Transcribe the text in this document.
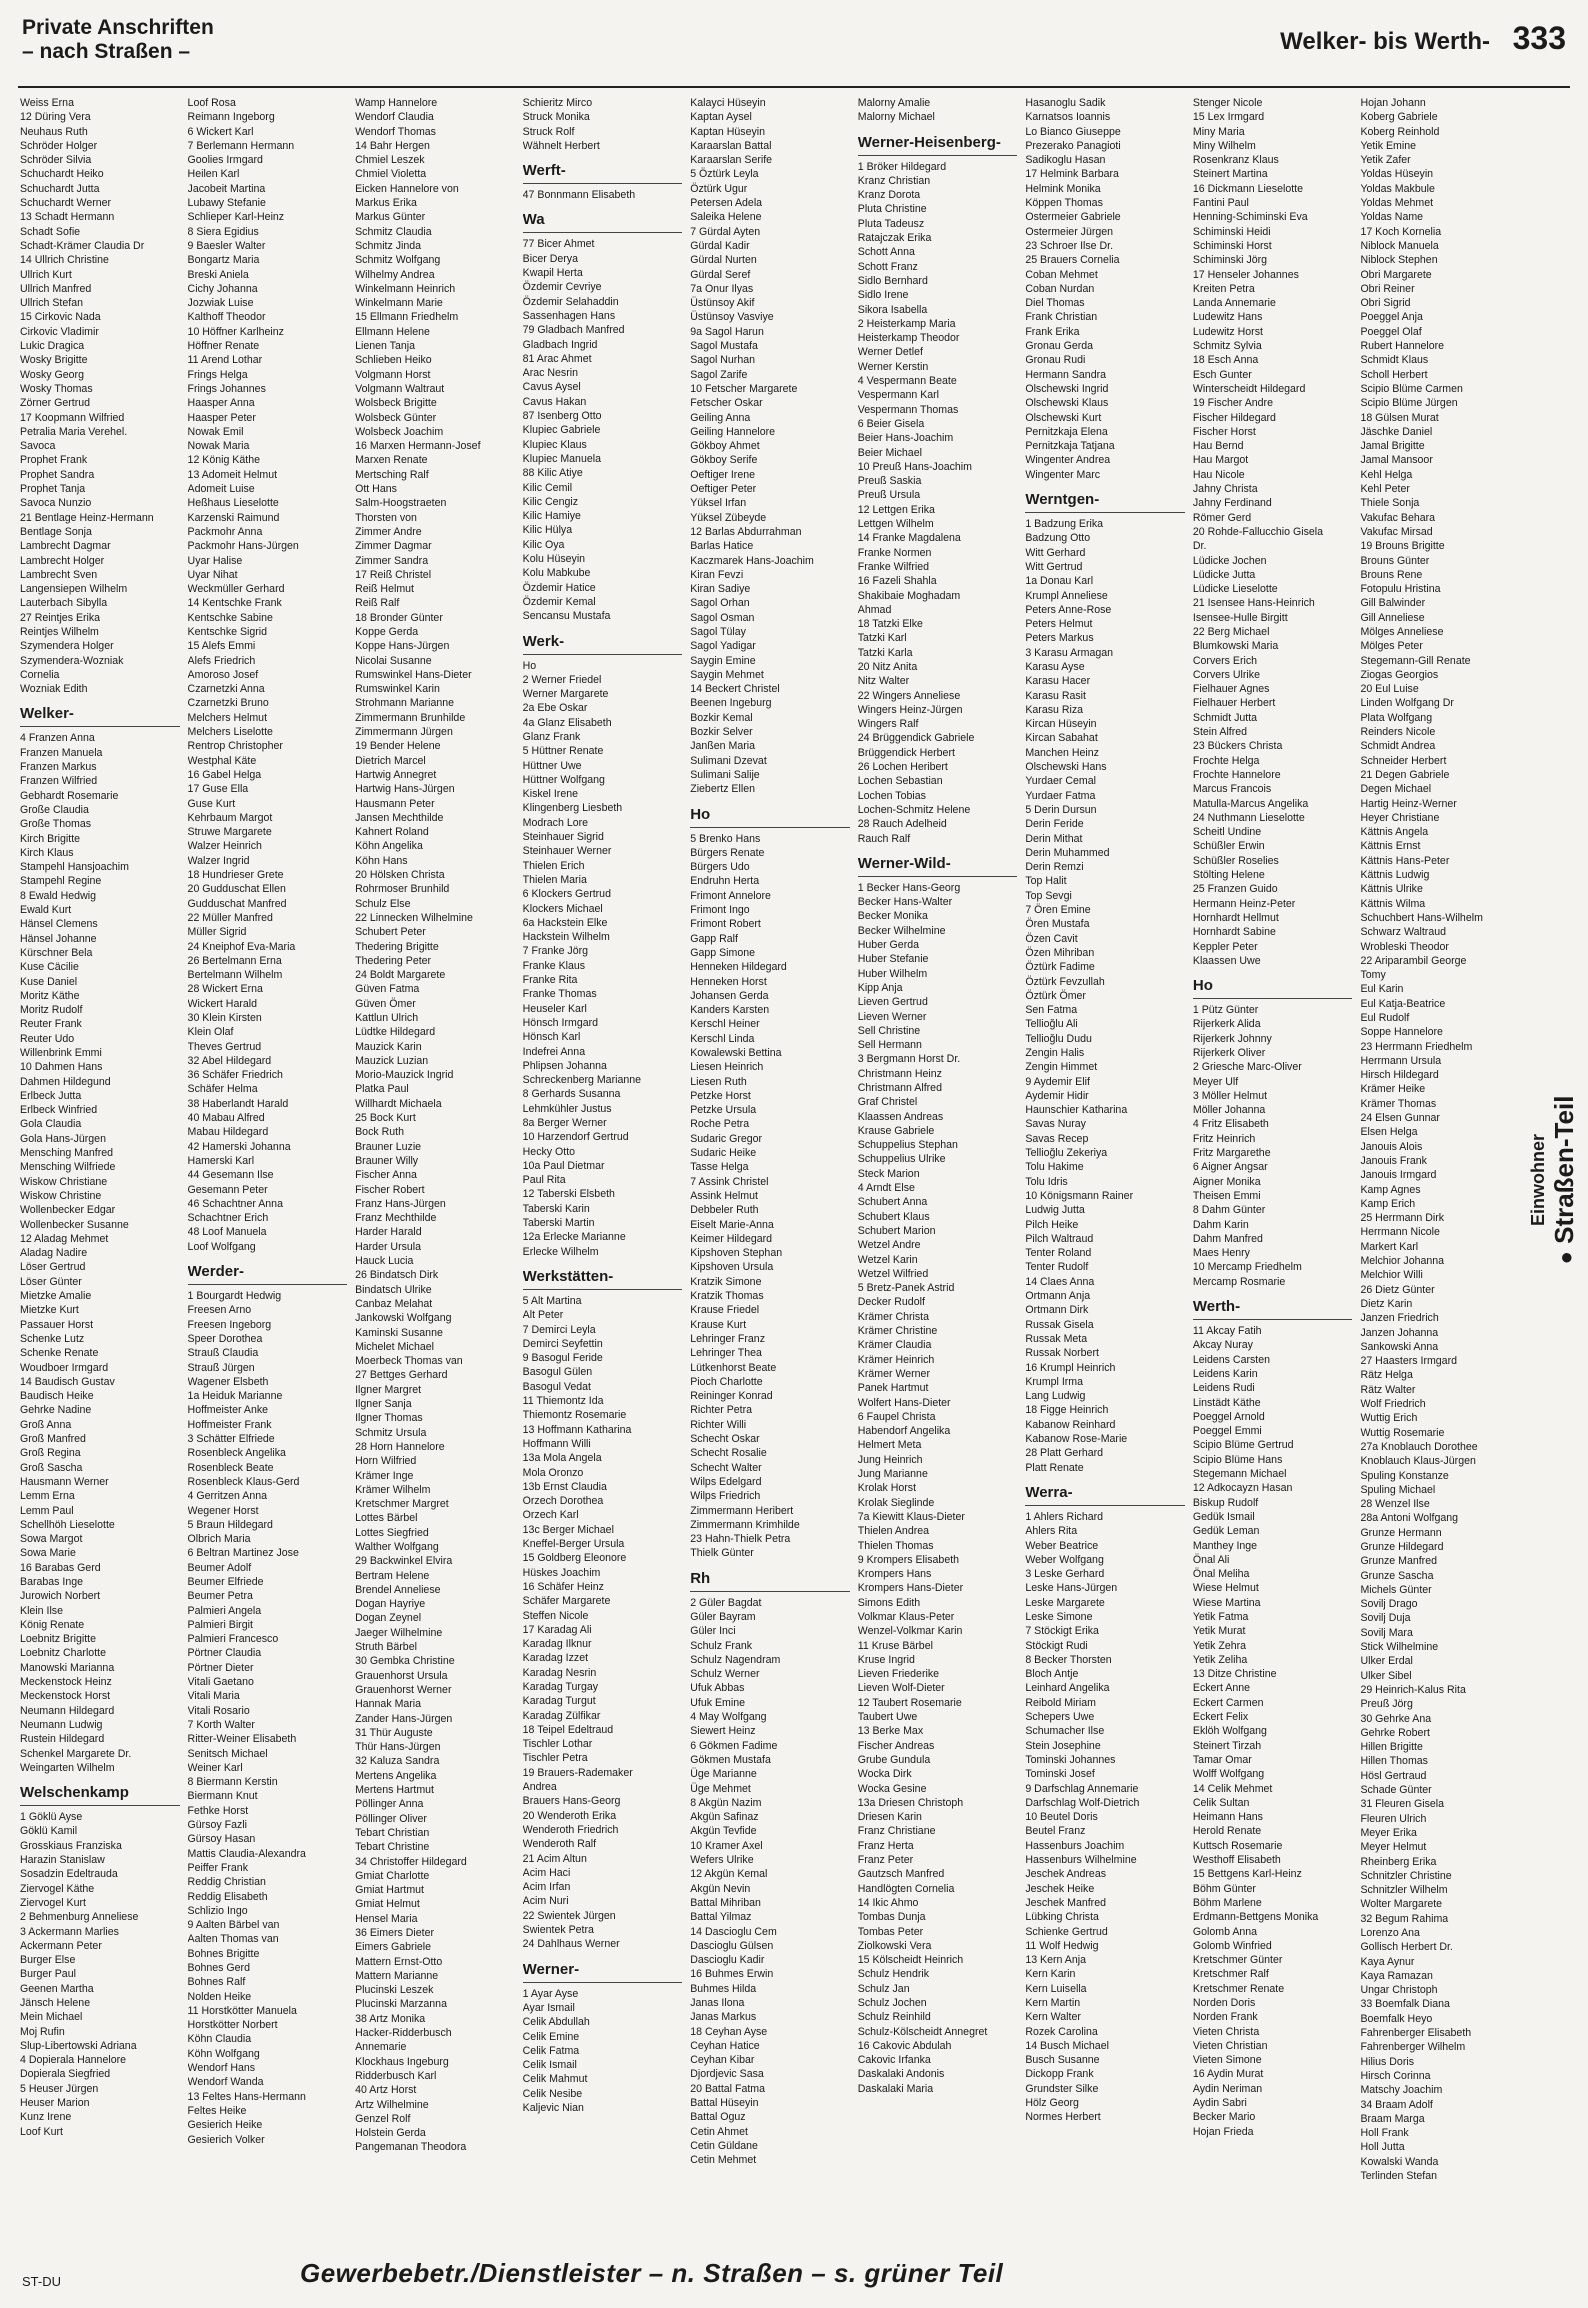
Private Anschriften
– nach Straßen –	Welker- bis Werth- 333
Weiss Erna
12 Düring Vera
Neuhaus Ruth
Schröder Holger
Schröder Silvia
Schuchardt Heiko
Schuchardt Jutta
Schuchardt Werner
13 Schadt Hermann
Schadt Sofie
Schadt-Krämer Claudia Dr
14 Ullrich Christine
Ullrich Kurt
Ullrich Manfred
Ullrich Stefan
15 Cirkovic Nada
Cirkovic Vladimir
Lukic Dragica
Wosky Brigitte
Wosky Georg
Wosky Thomas
Zörner Gertrud
17 Koopmann Wilfried
Petralia Maria Verehel.
Savoca
Prophet Frank
Prophet Sandra
Prophet Tanja
Savoca Nunzio
21 Bentlage Heinz-Hermann
Bentlage Sonja
Lambrecht Dagmar
Lambrecht Holger
Lambrecht Sven
Langensiepen Wilhelm
Lauterbach Sibylla
27 Reintjes Erika
Reintjes Wilhelm
Szymendera Holger
Szymendera-Wozniak
Cornelia
Wozniak Edith
Welker-
4 Franzen Anna
Franzen Manuela
Franzen Markus
Franzen Wilfried
Gebhardt Rosemarie
Große Claudia
Große Thomas
Kirch Brigitte
Kirch Klaus
Stampehl Hansjoachim
Stampehl Regine
8 Ewald Hedwig
Ewald Kurt
Hänsel Clemens
Hänsel Johanne
Kürschner Bela
Kuse Cäcilie
Kuse Daniel
Moritz Käthe
Moritz Rudolf
Reuter Frank
Reuter Udo
Willenbrink Emmi
10 Dahmen Hans
Dahmen Hildegund
Erlbeck Jutta
Erlbeck Winfried
Gola Claudia
Gola Hans-Jürgen
Mensching Manfred
Mensching Wilfriede
Wiskow Christiane
Wiskow Christine
Wollenbecker Edgar
Wollenbecker Susanne
12 Aladag Mehmet
Aladag Nadire
Löser Gertrud
Löser Günter
Mietzke Amalie
Mietzke Kurt
Passauer Horst
Schenke Lutz
Schenke Renate
Woudboer Irmgard
14 Baudisch Gustav
Baudisch Heike
Gehrke Nadine
Groß Anna
Groß Manfred
Groß Regina
Groß Sascha
Hausmann Werner
Lemm Erna
Lemm Paul
Schellhöh Lieselotte
Sowa Margot
Sowa Marie
16 Barabas Gerd
Barabas Inge
Jurowich Norbert
Klein Ilse
König Renate
Loebnitz Brigitte
Loebnitz Charlotte
Manowski Marianna
Meckenstock Heinz
Meckenstock Horst
Neumann Hildegard
Neumann Ludwig
Rustein Hildegard
Schenkel Margarete Dr.
Weingarten Wilhelm
Welschenkamp
1 Göklü Ayse
Göklü Kamil
Grosskiaus Franziska
Harazin Stanislaw
Sosadzin Edeltrauda
Ziervogel Käthe
Ziervogel Kurt
2 Behmenburg Anneliese
3 Ackermann Marlies
Ackermann Peter
Burger Else
Burger Paul
Geenen Martha
Jänsch Helene
Mein Michael
Moj Rufin
Slup-Libertowski Adriana
4 Dopierala Hannelore
Dopierala Siegfried
5 Heuser Jürgen
Heuser Marion
Kunz Irene
Loof Kurt
Loof Rosa
Reimann Ingeborg
6 Wickert Karl
7 Berlemann Hermann
Goolies Irmgard
Heilen Karl
Jacobeit Martina
Lubawy Stefanie
Schlieper Karl-Heinz
8 Siera Egidius
9 Baesler Walter
Bongartz Maria
Breski Aniela
Cichy Johanna
Jozwiak Luise
Kalthoff Theodor
10 Höffner Karlheinz
Höffner Renate
11 Arend Lothar
Frings Helga
Frings Johannes
Haasper Anna
Haasper Peter
Nowak Emil
Nowak Maria
12 König Käthe
13 Adomeit Helmut
Adomeit Luise
Heßhaus Lieselotte
Karzenski Raimund
Packmohr Anna
Packmohr Hans-Jürgen
Uyar Halise
Uyar Nihat
Weckmüller Gerhard
14 Kentschke Frank
Kentschke Sabine
Kentschke Sigrid
15 Alefs Emmi
Alefs Friedrich
Amoroso Josef
Czarnetzki Anna
Czarnetzki Bruno
Melchers Helmut
Melchers Liselotte
Rentrop Christopher
Westphal Käte
16 Gabel Helga
17 Guse Ella
Guse Kurt
Kehrbaum Margot
Struwe Margarete
Walzer Heinrich
Walzer Ingrid
18 Hundrieser Grete
20 Gudduschat Ellen
Gudduschat Manfred
22 Müller Manfred
Müller Sigrid
24 Kneiphof Eva-Maria
26 Bertelmann Erna
Bertelmann Wilhelm
28 Wickert Erna
Wickert Harald
30 Klein Kirsten
Klein Olaf
Theves Gertrud
32 Abel Hildegard
36 Schäfer Friedrich
Schäfer Helma
38 Haberlandt Harald
40 Mabau Alfred
Mabau Hildegard
42 Hamerski Johanna
Hamerski Karl
44 Gesemann Ilse
Gesemann Peter
46 Schachtner Anna
Schachtner Erich
48 Loof Manuela
Loof Wolfgang
Werder-
1 Bourgardt Hedwig
Freesen Arno
Freesen Ingeborg
Speer Dorothea
Strauß Claudia
Strauß Jürgen
Wagener Elsbeth
1a Heiduk Marianne
Hoffmeister Anke
Hoffmeister Frank
3 Schätter Elfriede
Rosenbleck Angelika
Rosenbleck Beate
Rosenbleck Klaus-Gerd
4 Gerritzen Anna
Wegener Horst
5 Braun Hildegard
Olbrich Maria
6 Beltran Martinez Jose
Beumer Adolf
Beumer Elfriede
Beumer Petra
Palmieri Angela
Palmieri Birgit
Palmieri Francesco
Pörtner Claudia
Pörtner Dieter
Vitali Gaetano
Vitali Maria
Vitali Rosario
7 Korth Walter
Ritter-Weiner Elisabeth
Senitsch Michael
Weiner Karl
8 Biermann Kerstin
Biermann Knut
Fethke Horst
Gürsoy Fazli
Gürsoy Hasan
Mattis Claudia-Alexandra
Peiffer Frank
Reddig Christian
Reddig Elisabeth
Schlizio Ingo
9 Aalten Bärbel van
Aalten Thomas van
Bohnes Brigitte
Bohnes Gerd
Bohnes Ralf
Nolden Heike
11 Horstkötter Manuela
Horstkötter Norbert
Köhn Claudia
Köhn Wolfgang
Wendorf Hans
Wendorf Wanda
13 Feltes Hans-Hermann
Feltes Heike
Gesierich Heike
Gesierich Volker
Wamp Hannelore
Wendorf Claudia
Wendorf Thomas
14 Bahr Hergen
Chmiel Leszek
Chmiel Violetta
Eicken Hannelore von
Markus Erika
Markus Günter
Schmitz Claudia
Schmitz Jinda
Schmitz Wolfgang
Wilhelmy Andrea
Winkelmann Heinrich
Winkelmann Marie
15 Ellmann Friedhelm
Ellmann Helene
Lienen Tanja
Schlieben Heiko
Volgmann Horst
Volgmann Waltraut
Wolsbeck Brigitte
Wolsbeck Günter
Wolsbeck Joachim
16 Marxen Hermann-Josef
Marxen Renate
Mertsching Ralf
Ott Hans
Salm-Hoogstraeten
Thorsten von
Zimmer Andre
Zimmer Dagmar
Zimmer Sandra
17 Reiß Christel
Reiß Helmut
Reiß Ralf
18 Bronder Günter
Koppe Gerda
Koppe Hans-Jürgen
Nicolai Susanne
Rumswinkel Hans-Dieter
Rumswinkel Karin
Strohmann Marianne
Zimmermann Brunhilde
Zimmermann Jürgen
19 Bender Helene
Dietrich Marcel
Hartwig Annegret
Hartwig Hans-Jürgen
Hausmann Peter
Jansen Mechthilde
Kahnert Roland
Köhn Angelika
Köhn Hans
20 Hölsken Christa
Rohrmoser Brunhild
Schulz Else
22 Linnecken Wilhelmine
Schubert Peter
Thedering Brigitte
Thedering Peter
24 Boldt Margarete
Güven Fatma
Güven Ömer
Kattlun Ulrich
Lüdtke Hildegard
Mauzick Karin
Mauzick Luzian
Morio-Mauzick Ingrid
Platka Paul
Willhardt Michaela
25 Bock Kurt
Bock Ruth
Brauner Luzie
Brauner Willy
Fischer Anna
Fischer Robert
Franz Hans-Jürgen
Franz Mechthilde
Harder Harald
Harder Ursula
Hauck Lucia
26 Bindatsch Dirk
Bindatsch Ulrike
Canbaz Melahat
Jankowski Wolfgang
Kaminski Susanne
Michelet Michael
Moerbeck Thomas van
27 Bettges Gerhard
Ilgner Margret
Ilgner Sanja
Ilgner Thomas
Schmitz Ursula
28 Horn Hannelore
Horn Wilfried
Krämer Inge
Krämer Wilhelm
Kretschmer Margret
Lottes Bärbel
Lottes Siegfried
Walther Wolfgang
29 Backwinkel Elvira
Bertram Helene
Brendel Anneliese
Dogan Hayriye
Dogan Zeynel
Jaeger Wilhelmine
Struth Bärbel
30 Gembka Christine
Grauenhorst Ursula
Grauenhorst Werner
Hannak Maria
Zander Hans-Jürgen
31 Thür Auguste
Thür Hans-Jürgen
32 Kaluza Sandra
Mertens Angelika
Mertens Hartmut
Pöllinger Anna
Pöllinger Oliver
Tebart Christian
Tebart Christine
34 Christoffer Hildegard
Gmiat Charlotte
Gmiat Hartmut
Gmiat Helmut
Hensel Maria
36 Eimers Dieter
Eimers Gabriele
Mattern Ernst-Otto
Mattern Marianne
Plucinski Leszek
Plucinski Marzanna
38 Artz Monika
Hacker-Ridderbusch
Annemarie
Klockhaus Ingeburg
Ridderbusch Karl
40 Artz Horst
Artz Wilhelmine
Genzel Rolf
Holstein Gerda
Pangemanan Theodora
Schieritz Mirco
Struck Monika
Struck Rolf
Wähnelt Herbert
Werft-
47 Bonnmann Elisabeth
Wa
77 Bicer Ahmet
Bicer Derya
Kwapil Herta
Özdemir Cevriye
Özdemir Selahaddin
Sassenhagen Hans
79 Gladbach Manfred
Gladbach Ingrid
81 Arac Ahmet
Arac Nesrin
Cavus Aysel
Cavus Hakan
87 Isenberg Otto
Klupiec Gabriele
Klupiec Klaus
Klupiec Manuela
88 Kilic Atiye
Kilic Cemil
Kilic Cengiz
Kilic Hamiye
Kilic Hülya
Kilic Oya
Kolu Hüseyin
Kolu Mabkube
Özdemir Hatice
Özdemir Kemal
Sencansu Mustafa
Werk-
Ho
2 Werner Friedel
Werner Margarete
2a Ebe Oskar
4a Glanz Elisabeth
Glanz Frank
5 Hüttner Renate
Hüttner Uwe
Hüttner Wolfgang
Kiskel Irene
Klingenberg Liesbeth
Modrach Lore
Steinhauer Sigrid
Steinhauer Werner
Thielen Erich
Thielen Maria
6 Klockers Gertrud
Klockers Michael
6a Hackstein Elke
Hackstein Wilhelm
7 Franke Jörg
Franke Klaus
Franke Rita
Franke Thomas
Heuseler Karl
Hönsch Irmgard
Hönsch Karl
Indefrei Anna
Phlipsen Johanna
Schreckenberg Marianne
8 Gerhards Susanna
Lehmkühler Justus
8a Berger Werner
10 Harzendorf Gertrud
Hecky Otto
10a Paul Dietmar
Paul Rita
12 Taberski Elsbeth
Taberski Karin
Taberski Martin
12a Erlecke Marianne
Erlecke Wilhelm
Werkstätten-
5 Alt Martina
Alt Peter
7 Demirci Leyla
Demirci Seyfettin
9 Basogul Feride
Basogul Gülen
Basogul Vedat
11 Thiemontz Ida
Thiemontz Rosemarie
13 Hoffmann Katharina
Hoffmann Willi
13a Mola Angela
Mola Oronzo
13b Ernst Claudia
Orzech Dorothea
Orzech Karl
13c Berger Michael
Kneffel-Berger Ursula
15 Goldberg Eleonore
Hüskes Joachim
16 Schäfer Heinz
Schäfer Margarete
Steffen Nicole
17 Karadag Ali
Karadag Ilknur
Karadag Izzet
Karadag Nesrin
Karadag Turgay
Karadag Turgut
Karadag Zülfikar
18 Teipel Edeltraud
Tischler Lothar
Tischler Petra
19 Brauers-Rademaker
Andrea
Brauers Hans-Georg
20 Wenderoth Erika
Wenderoth Friedrich
Wenderoth Ralf
21 Acim Altun
Acim Haci
Acim Irfan
Acim Nuri
22 Swientek Jürgen
Swientek Petra
24 Dahlhaus Werner
Werner-
1 Ayar Ayse
Ayar Ismail
Celik Abdullah
Celik Emine
Celik Fatma
Celik Ismail
Celik Mahmut
Celik Nesibe
Kaljevic Nian
Kalayci Hüseyin
Kaptan Aysel
Kaptan Hüseyin
Karaarslan Battal
Karaarslan Serife
5 Öztürk Leyla
Öztürk Ugur
Petersen Adela
Saleika Helene
7 Gürdal Ayten
Gürdal Kadir
Gürdal Nurten
Gürdal Seref
7a Onur Ilyas
Üstünsoy Akif
Üstünsoy Vasviye
9a Sagol Harun
Sagol Mustafa
Sagol Nurhan
Sagol Zarife
10 Fetscher Margarete
Fetscher Oskar
Geiling Anna
Geiling Hannelore
Gökboy Ahmet
Gökboy Serife
Oeftiger Irene
Oeftiger Peter
Yüksel Irfan
Yüksel Zübeyde
12 Barlas Abdurrahman
Barlas Hatice
Kaczmarek Hans-Joachim
Kiran Fevzi
Kiran Sadiye
Sagol Orhan
Sagol Osman
Sagol Tülay
Sagol Yadigar
Saygin Emine
Saygin Mehmet
14 Beckert Christel
Beenen Ingeburg
Bozkir Kemal
Bozkir Selver
Janßen Maria
Sulimani Dzevat
Sulimani Salije
Ziebertz Ellen
Ho
5 Brenko Hans
Bürgers Renate
Bürgers Udo
Endruhn Herta
Frimont Annelore
Frimont Ingo
Frimont Robert
Gapp Ralf
Gapp Simone
Henneken Hildegard
Henneken Horst
Johansen Gerda
Kanders Karsten
Kerschl Heiner
Kerschl Linda
Kowalewski Bettina
Liesen Heinrich
Liesen Ruth
Petzke Horst
Petzke Ursula
Roche Petra
Sudaric Gregor
Sudaric Heike
Tasse Helga
7 Assink Christel
Assink Helmut
Debbeler Ruth
Eiselt Marie-Anna
Keimer Hildegard
Kipshoven Stephan
Kipshoven Ursula
Kratzik Simone
Kratzik Thomas
Krause Friedel
Krause Kurt
Lehringer Franz
Lehringer Thea
Lütkenhorst Beate
Pioch Charlotte
Reininger Konrad
Richter Petra
Richter Willi
Schecht Oskar
Schecht Rosalie
Schecht Walter
Wilps Edelgard
Wilps Friedrich
Zimmermann Heribert
Zimmermann Krimhilde
23 Hahn-Thielk Petra
Thielk Günter
Rh
2 Güler Bagdat
Güler Bayram
Güler Inci
Schulz Frank
Schulz Nagendram
Schulz Werner
Ufuk Abbas
Ufuk Emine
4 May Wolfgang
Siewert Heinz
6 Gökmen Fadime
Gökmen Mustafa
Üge Marianne
Üge Mehmet
8 Akgün Nazim
Akgün Safinaz
Akgün Tevfide
10 Kramer Axel
Wefers Ulrike
12 Akgün Kemal
Akgün Nevin
Battal Mihriban
Battal Yilmaz
14 Dascioglu Cem
Dascioglu Gülsen
Dascioglu Kadir
16 Buhmes Erwin
Buhmes Hilda
Janas Ilona
Janas Markus
18 Ceyhan Ayse
Ceyhan Hatice
Ceyhan Kibar
Djordjevic Sasa
20 Battal Fatma
Battal Hüseyin
Battal Oguz
Cetin Ahmet
Cetin Güldane
Cetin Mehmet
Malorny Amalie
Malorny Michael
Werner-Heisenberg-
1 Bröker Hildegard
Kranz Christian
Kranz Dorota
Pluta Christine
Pluta Tadeusz
Ratajczak Erika
Schott Anna
Schott Franz
Sidlo Bernhard
Sidlo Irene
Sikora Isabella
2 Heisterkamp Maria
Heisterkamp Theodor
Werner Detlef
Werner Kerstin
4 Vespermann Beate
Vespermann Karl
Vespermann Thomas
6 Beier Gisela
Beier Hans-Joachim
Beier Michael
10 Preuß Hans-Joachim
Preuß Saskia
Preuß Ursula
12 Lettgen Erika
Lettgen Wilhelm
14 Franke Magdalena
Franke Normen
Franke Wilfried
16 Fazeli Shahla
Shakibaie Moghadam
Ahmad
18 Tatzki Elke
Tatzki Karl
Tatzki Karla
20 Nitz Anita
Nitz Walter
22 Wingers Anneliese
Wingers Heinz-Jürgen
Wingers Ralf
24 Brüggendick Gabriele
Brüggendick Herbert
26 Lochen Heribert
Lochen Sebastian
Lochen Tobias
Lochen-Schmitz Helene
28 Rauch Adelheid
Rauch Ralf
Werner-Wild-
1 Becker Hans-Georg
Becker Hans-Walter
Becker Monika
Becker Wilhelmine
Huber Gerda
Huber Stefanie
Huber Wilhelm
Kipp Anja
Lieven Gertrud
Lieven Werner
Sell Christine
Sell Hermann
3 Bergmann Horst Dr.
Christmann Heinz
Christmann Alfred
Graf Christel
Klaassen Andreas
Krause Gabriele
Schuppelius Stephan
Schuppelius Ulrike
Steck Marion
4 Arndt Else
Schubert Anna
Schubert Klaus
Schubert Marion
Wetzel Andre
Wetzel Karin
Wetzel Wilfried
5 Bretz-Panek Astrid
Decker Rudolf
Krämer Christa
Krämer Christine
Krämer Claudia
Krämer Heinrich
Krämer Werner
Panek Hartmut
Wolfert Hans-Dieter
6 Faupel Christa
Habendorf Angelika
Helmert Meta
Jung Heinrich
Jung Marianne
Krolak Horst
Krolak Sieglinde
7a Kiewitt Klaus-Dieter
Thielen Andrea
Thielen Thomas
9 Krompers Elisabeth
Krompers Hans
Krompers Hans-Dieter
Simons Edith
Volkmar Klaus-Peter
Wenzel-Volkmar Karin
11 Kruse Bärbel
Kruse Ingrid
Lieven Friederike
Lieven Wolf-Dieter
12 Taubert Rosemarie
Taubert Uwe
13 Berke Max
Fischer Andreas
Grube Gundula
Wocka Dirk
Wocka Gesine
13a Driesen Christoph
Driesen Karin
Franz Christiane
Franz Herta
Franz Peter
Gautzsch Manfred
Handlögten Cornelia
14 Ikic Ahmo
Tombas Dunja
Tombas Peter
Ziolkowski Vera
15 Kölscheidt Heinrich
Schulz Hendrik
Schulz Jan
Schulz Jochen
Schulz Reinhild
Schulz-Kölscheidt Annegret
16 Cakovic Abdulah
Cakovic Irfanka
Daskalaki Andonis
Daskalaki Maria
Hasanoglu Sadik
Karnatsos Ioannis
Lo Bianco Giuseppe
Prezerako Panagioti
Sadikoglu Hasan
17 Helmink Barbara
Helmink Monika
Köppen Thomas
Ostermeier Gabriele
Ostermeier Jürgen
23 Schroer Ilse Dr.
25 Brauers Cornelia
Coban Mehmet
Coban Nurdan
Diel Thomas
Frank Christian
Frank Erika
Gronau Gerda
Gronau Rudi
Hermann Sandra
Olschewski Ingrid
Olschewski Klaus
Olschewski Kurt
Pernitzkaja Elena
Pernitzkaja Tatjana
Wingenter Andrea
Wingenter Marc
Werntgen-
1 Badzung Erika
Badzung Otto
Witt Gerhard
Witt Gertrud
1a Donau Karl
Krumpl Anneliese
Peters Anne-Rose
Peters Helmut
Peters Markus
3 Karasu Armagan
Karasu Ayse
Karasu Hacer
Karasu Rasit
Karasu Riza
Kircan Hüseyin
Kircan Sabahat
Manchen Heinz
Olschewski Hans
Yurdaer Cemal
Yurdaer Fatma
5 Derin Dursun
Derin Feride
Derin Mithat
Derin Muhammed
Derin Remzi
Top Halit
Top Sevgi
7 Ören Emine
Ören Mustafa
Özen Cavit
Özen Mihriban
Öztürk Fadime
Öztürk Fevzullah
Öztürk Ömer
Sen Fatma
Tellioğlu Ali
Tellioğlu Dudu
Zengin Halis
Zengin Himmet
9 Aydemir Elif
Aydemir Hidir
Haunschier Katharina
Savas Nuray
Savas Recep
Tellioğlu Zekeriya
Tolu Hakime
Tolu Idris
10 Königsmann Rainer
Ludwig Jutta
Pilch Heike
Pilch Waltraud
Tenter Roland
Tenter Rudolf
14 Claes Anna
Ortmann Anja
Ortmann Dirk
Russak Gisela
Russak Meta
Russak Norbert
16 Krumpl Heinrich
Krumpl Irma
Lang Ludwig
18 Figge Heinrich
Kabanow Reinhard
Kabanow Rose-Marie
28 Platt Gerhard
Platt Renate
Werra-
1 Ahlers Richard
Ahlers Rita
Weber Beatrice
Weber Wolfgang
3 Leske Gerhard
Leske Hans-Jürgen
Leske Margarete
Leske Simone
7 Stöckigt Erika
Stöckigt Rudi
8 Becker Thorsten
Bloch Antje
Leinhard Angelika
Reibold Miriam
Schepers Uwe
Schumacher Ilse
Stein Josephine
Tominski Johannes
Tominski Josef
9 Darfschlag Annemarie
Darfschlag Wolf-Dietrich
10 Beutel Doris
Beutel Franz
Hassenburs Joachim
Hassenburs Wilhelmine
Jeschek Andreas
Jeschek Heike
Jeschek Manfred
Lübking Christa
Schienke Gertrud
11 Wolf Hedwig
13 Kern Anja
Kern Karin
Kern Luisella
Kern Martin
Kern Walter
Rozek Carolina
14 Busch Michael
Busch Susanne
Dickopp Frank
Grundster Silke
Hölz Georg
Normes Herbert
Stenger Nicole
15 Lex Irmgard
Miny Maria
Miny Wilhelm
Rosenkranz Klaus
Steinert Martina
16 Dickmann Lieselotte
Fantini Paul
Henning-Schiminski Eva
Schiminski Heidi
Schiminski Horst
Schiminski Jörg
17 Henseler Johannes
Kreiten Petra
Landa Annemarie
Ludewitz Hans
Ludewitz Horst
Schmitz Sylvia
18 Esch Anna
Esch Gunter
Winterscheidt Hildegard
19 Fischer Andre
Fischer Hildegard
Fischer Horst
Hau Bernd
Hau Margot
Hau Nicole
Jahny Christa
Jahny Ferdinand
Römer Gerd
20 Rohde-Fallucchio Gisela
Dr.
Lüdicke Jochen
Lüdicke Jutta
Lüdicke Lieselotte
21 Isensee Hans-Heinrich
Isensee-Hulle Birgitt
22 Berg Michael
Blumkowski Maria
Corvers Erich
Corvers Ulrike
Fielhauer Agnes
Fielhauer Herbert
Schmidt Jutta
Stein Alfred
23 Bückers Christa
Frochte Helga
Frochte Hannelore
Marcus Francois
Matulla-Marcus Angelika
24 Nuthmann Lieselotte
Scheitl Undine
Schüßler Erwin
Schüßler Roselies
Stölting Helene
25 Franzen Guido
Hermann Heinz-Peter
Hornhardt Hellmut
Hornhardt Sabine
Keppler Peter
Klaassen Uwe
Ho
1 Pütz Günter
Rijerkerk Alida
Rijerkerk Johnny
Rijerkerk Oliver
2 Griesche Marc-Oliver
Meyer Ulf
3 Möller Helmut
Möller Johanna
4 Fritz Elisabeth
Fritz Heinrich
Fritz Margarethe
6 Aigner Angsar
Aigner Monika
Theisen Emmi
8 Dahm Günter
Dahm Karin
Dahm Manfred
Maes Henry
10 Mercamp Friedhelm
Mercamp Rosmarie
Werth-
11 Akcay Fatih
Akcay Nuray
Leidens Carsten
Leidens Karin
Leidens Rudi
Linstädt Käthe
Poeggel Arnold
Poeggel Emmi
Scipio Blüme Gertrud
Scipio Blüme Hans
Stegemann Michael
12 Adkocayzn Hasan
Biskup Rudolf
Gedük Ismail
Gedük Leman
Manthey Inge
Önal Ali
Önal Meliha
Wiese Helmut
Wiese Martina
Yetik Fatma
Yetik Murat
Yetik Zehra
Yetik Zeliha
13 Ditze Christine
Eckert Anne
Eckert Carmen
Eckert Felix
Eklöh Wolfgang
Steinert Tirzah
Tamar Omar
Wolff Wolfgang
14 Celik Mehmet
Celik Sultan
Heimann Hans
Herold Renate
Kuttsch Rosemarie
Westhoff Elisabeth
15 Bettgens Karl-Heinz
Böhm Günter
Böhm Marlene
Erdmann-Bettgens Monika
Golomb Anna
Golomb Winfried
Kretschmer Günter
Kretschmer Ralf
Kretschmer Renate
Norden Doris
Norden Frank
Vieten Christa
Vieten Christian
Vieten Simone
16 Aydin Murat
Aydin Neriman
Aydin Sabri
Becker Mario
Hojan Frieda
Hojan Johann
Koberg Gabriele
Koberg Reinhold
Yetik Emine
Yetik Zafer
Yoldas Hüseyin
Yoldas Makbule
Yoldas Mehmet
Yoldas Name
17 Koch Kornelia
Niblock Manuela
Niblock Stephen
Obri Margarete
Obri Reiner
Obri Sigrid
Poeggel Anja
Poeggel Olaf
Rubert Hannelore
Schmidt Klaus
Scholl Herbert
Scipio Blüme Carmen
Scipio Blüme Jürgen
18 Gülsen Murat
Jäschke Daniel
Jamal Brigitte
Jamal Mansoor
Kehl Helga
Kehl Peter
Thiele Sonja
Vakufac Behara
Vakufac Mirsad
19 Brouns Brigitte
Brouns Günter
Brouns Rene
Fotopulu Hristina
Gill Balwinder
Gill Anneliese
Mölges Anneliese
Mölges Peter
Stegemann-Gill Renate
Ziogas Georgios
20 Eul Luise
Linden Wolfgang Dr
Plata Wolfgang
Reinders Nicole
Schmidt Andrea
Schneider Herbert
21 Degen Gabriele
Degen Michael
Hartig Heinz-Werner
Heyer Christiane
Kättnis Angela
Kättnis Ernst
Kättnis Hans-Peter
Kättnis Ludwig
Kättnis Ulrike
Kättnis Wilma
Schuchbert Hans-Wilhelm
Schwarz Waltraud
Wrobleski Theodor
22 Ariparambil George
Tomy
Eul Karin
Eul Katja-Beatrice
Eul Rudolf
Soppe Hannelore
23 Herrmann Friedhelm
Herrmann Ursula
Hirsch Hildegard
Krämer Heike
Krämer Thomas
24 Elsen Gunnar
Elsen Helga
Janouis Alois
Janouis Frank
Janouis Irmgard
Kamp Agnes
Kamp Erich
25 Herrmann Dirk
Herrmann Nicole
Markert Karl
Melchior Johanna
Melchior Willi
26 Dietz Günter
Dietz Karin
Janzen Friedrich
Janzen Johanna
Sankowski Anna
27 Haasters Irmgard
Rätz Helga
Rätz Walter
Wolf Friedrich
Wuttig Erich
Wuttig Rosemarie
27a Knoblauch Dorothee
Knoblauch Klaus-Jürgen
Spuling Konstanze
Spuling Michael
28 Wenzel Ilse
28a Antoni Wolfgang
Grunze Hermann
Grunze Hildegard
Grunze Manfred
Grunze Sascha
Michels Günter
Sovilj Drago
Sovilj Duja
Sovilj Mara
Stick Wilhelmine
Ulker Erdal
Ulker Sibel
29 Heinrich-Kalus Rita
Preuß Jörg
30 Gehrke Ana
Gehrke Robert
Hillen Brigitte
Hillen Thomas
Hösl Gertraud
Schade Günter
31 Fleuren Gisela
Fleuren Ulrich
Meyer Erika
Meyer Helmut
Rheinberg Erika
Schnitzler Christine
Schnitzler Wilhelm
Wolter Margarete
32 Begum Rahima
Lorenzo Ana
Gollisch Herbert Dr.
Kaya Aynur
Kaya Ramazan
Ungar Christoph
33 Boemfalk Diana
Boemfalk Heyo
Fahrenberger Elisabeth
Fahrenberger Wilhelm
Hilius Doris
Hirsch Corinna
Matschy Joachim
34 Braam Adolf
Braam Marga
Holl Frank
Holl Jutta
Kowalski Wanda
Terlinden Stefan
Einwohner
● Straßen-Teil
ST-DU	Gewerbebetr./Dienstleister – n. Straßen – s. grüner Teil
